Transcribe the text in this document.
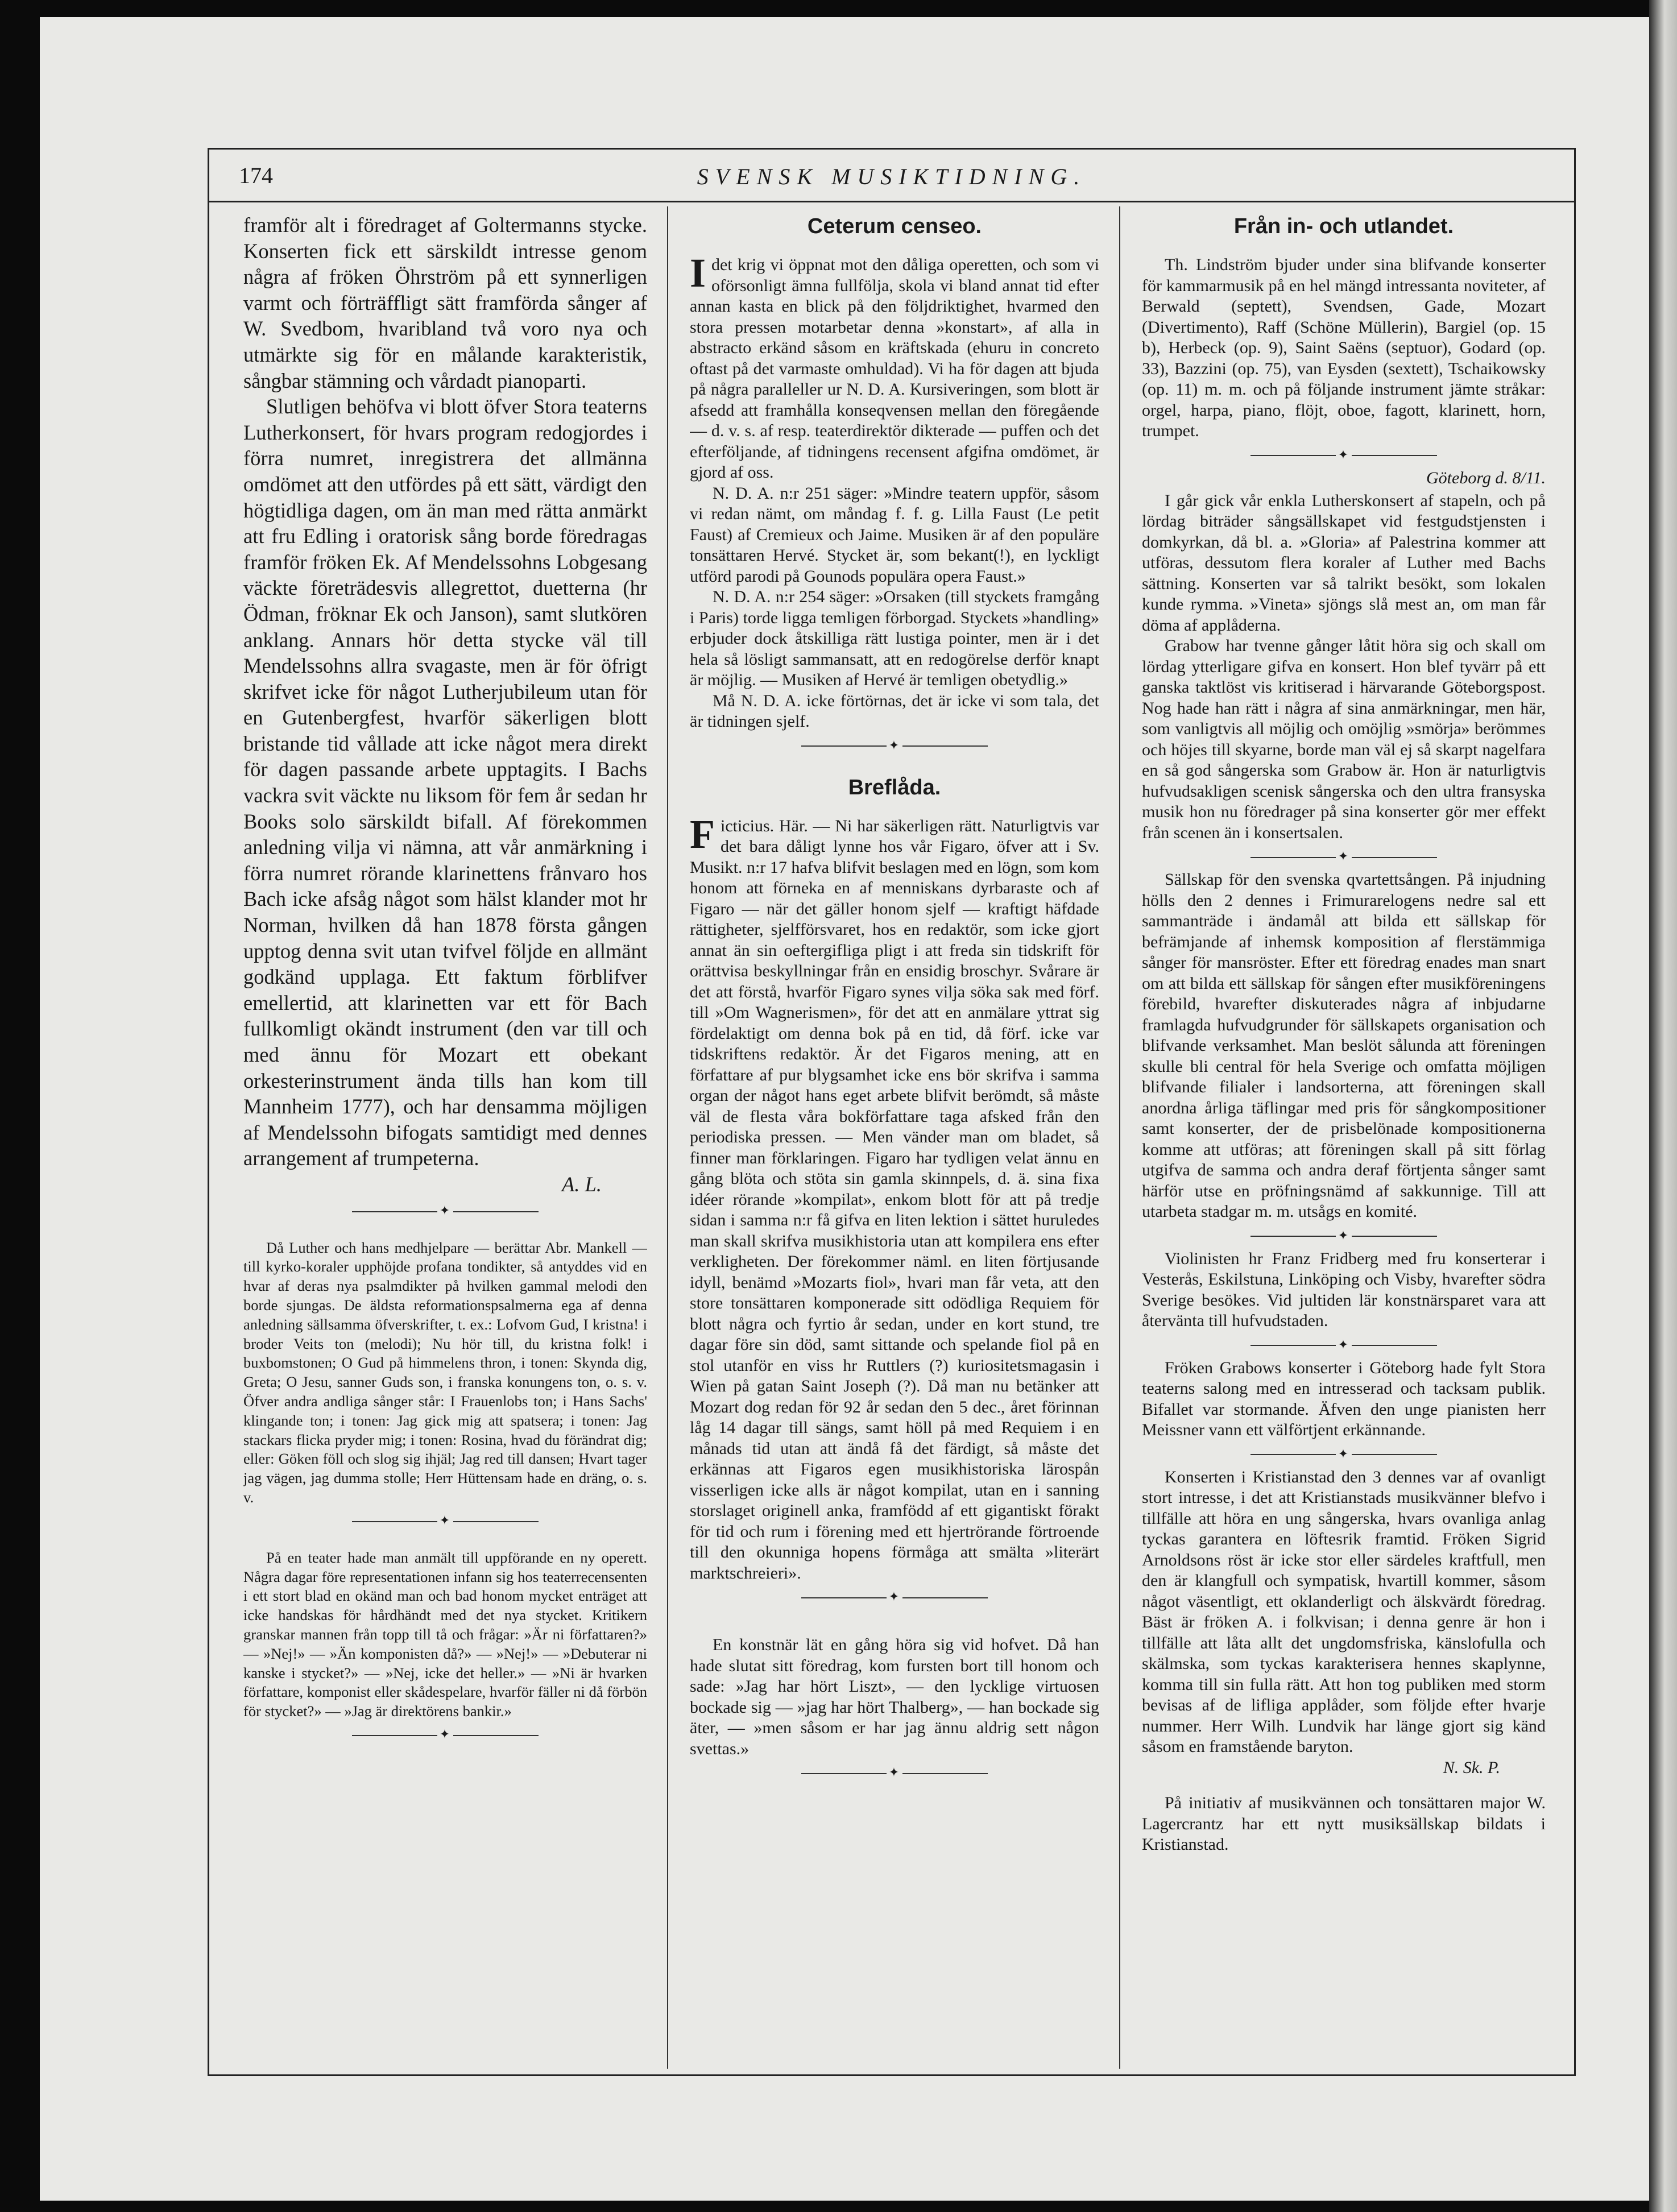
174	SVENSK MUSIKTIDNING.

framför alt i föredraget af Goltermanns stycke. Konserten fick ett särskildt intresse genom några af fröken Öhrström på ett synnerligen varmt och förträffligt sätt framförda sånger af W. Svedbom, hvaribland två voro nya och utmärkte sig för en målande karakteristik, sångbar stämning och vårdadt pianoparti.

Slutligen behöfva vi blott öfver Stora teaterns Lutherkonsert, för hvars program redogjordes i förra numret, inregistrera det allmänna omdömet att den utfördes på ett sätt, värdigt den högtidliga dagen, om än man med rätta anmärkt att fru Edling i oratorisk sång borde föredragas framför fröken Ek. Af Mendelssohns Lobgesang väckte företrädesvis allegrettot, duetterna (hr Ödman, fröknar Ek och Janson), samt slutkören anklang. Annars hör detta stycke väl till Mendelssohns allra svagaste, men är för öfrigt skrifvet icke för något Lutherjubileum utan för en Gutenbergfest, hvarför säkerligen blott bristande tid vållade att icke något mera direkt för dagen passande arbete upptagits. I Bachs vackra svit väckte nu liksom för fem år sedan hr Books solo särskildt bifall. Af förekommen anledning vilja vi nämna, att vår anmärkning i förra numret rörande klarinettens frånvaro hos Bach icke afsåg något som hälst klander mot hr Norman, hvilken då han 1878 första gången upptog denna svit utan tvifvel följde en allmänt godkänd upplaga. Ett faktum förblifver emellertid, att klarinetten var ett för Bach fullkomligt okändt instrument (den var till och med ännu för Mozart ett obekant orkesterinstrument ända tills han kom till Mannheim 1777), och har densamma möjligen af Mendelssohn bifogats samtidigt med dennes arrangement af trumpeterna.

A. L.

✦

Då Luther och hans medhjelpare — berättar Abr. Mankell — till kyrko-koraler upphöjde profana tondikter, så antyddes vid en hvar af deras nya psalmdikter på hvilken gammal melodi den borde sjungas. De äldsta reformationspsalmerna ega af denna anledning sällsamma öfverskrifter, t. ex.: Lofvom Gud, I kristna! i broder Veits ton (melodi); Nu hör till, du kristna folk! i buxbomstonen; O Gud på himmelens thron, i tonen: Skynda dig, Greta; O Jesu, sanner Guds son, i franska konungens ton, o. s. v. Öfver andra andliga sånger står: I Frauenlobs ton; i Hans Sachs' klingande ton; i tonen: Jag gick mig att spatsera; i tonen: Jag stackars flicka pryder mig; i tonen: Rosina, hvad du förändrat dig; eller: Göken föll och slog sig ihjäl; Jag red till dansen; Hvart tager jag vägen, jag dumma stolle; Herr Hüttensam hade en dräng, o. s. v.

✦

På en teater hade man anmält till uppförande en ny operett. Några dagar före representationen infann sig hos teaterrecensenten i ett stort blad en okänd man och bad honom mycket enträget att icke handskas för hårdhändt med det nya stycket. Kritikern granskar mannen från topp till tå och frågar: »Är ni författaren?» — »Nej!» — »Än komponisten då?» — »Nej!» — »Debuterar ni kanske i stycket?» — »Nej, icke det heller.» — »Ni är hvarken författare, komponist eller skådespelare, hvarför fäller ni då förbön för stycket?» — »Jag är direktörens bankir.»

✦
Ceterum censeo.

Idet krig vi öppnat mot den dåliga operetten, och som vi oförsonligt ämna fullfölja, skola vi bland annat tid efter annan kasta en blick på den följdriktighet, hvarmed den stora pressen motarbetar denna »konstart», af alla in abstracto erkänd såsom en kräftskada (ehuru in concreto oftast på det varmaste omhuldad). Vi ha för dagen att bjuda på några paralleller ur N. D. A. Kursiveringen, som blott är afsedd att framhålla konseqvensen mellan den föregående — d. v. s. af resp. teaterdirektör dikterade — puffen och det efterföljande, af tidningens recensent afgifna omdömet, är gjord af oss.

N. D. A. n:r 251 säger: »Mindre teatern uppför, såsom vi redan nämt, om måndag f. f. g. Lilla Faust (Le petit Faust) af Cremieux och Jaime. Musiken är af den populäre tonsättaren Hervé. Stycket är, som bekant(!), en lyckligt utförd parodi på Gounods populära opera Faust.»

N. D. A. n:r 254 säger: »Orsaken (till styckets framgång i Paris) torde ligga temligen förborgad. Styckets »handling» erbjuder dock åtskilliga rätt lustiga pointer, men är i det hela så lösligt sammansatt, att en redogörelse derför knapt är möjlig. — Musiken af Hervé är temligen obetydlig.»

Må N. D. A. icke förtörnas, det är icke vi som tala, det är tidningen sjelf.

✦
Breflåda.

Ficticius. Här. — Ni har säkerligen rätt. Naturligtvis var det bara dåligt lynne hos vår Figaro, öfver att i Sv. Musikt. n:r 17 hafva blifvit beslagen med en lögn, som kom honom att förneka en af menniskans dyrbaraste och af Figaro — när det gäller honom sjelf — kraftigt häfdade rättigheter, sjelfförsvaret, hos en redaktör, som icke gjort annat än sin oeftergifliga pligt i att freda sin tidskrift för orättvisa beskyllningar från en ensidig broschyr. Svårare är det att förstå, hvarför Figaro synes vilja söka sak med förf. till »Om Wagnerismen», för det att en anmälare yttrat sig fördelaktigt om denna bok på en tid, då förf. icke var tidskriftens redaktör. Är det Figaros mening, att en författare af pur blygsamhet icke ens bör skrifva i samma organ der något hans eget arbete blifvit berömdt, så måste väl de flesta våra bokförfattare taga afsked från den periodiska pressen. — Men vänder man om bladet, så finner man förklaringen. Figaro har tydligen velat ännu en gång blöta och stöta sin gamla skinnpels, d. ä. sina fixa idéer rörande »kompilat», enkom blott för att på tredje sidan i samma n:r få gifva en liten lektion i sättet huruledes man skall skrifva musikhistoria utan att kompilera ens efter verkligheten. Der förekommer näml. en liten förtjusande idyll, benämd »Mozarts fiol», hvari man får veta, att den store tonsättaren komponerade sitt odödliga Requiem för blott några och fyrtio år sedan, under en kort stund, tre dagar före sin död, samt sittande och spelande fiol på en stol utanför en viss hr Ruttlers (?) kuriositetsmagasin i Wien på gatan Saint Joseph (?). Då man nu betänker att Mozart dog redan för 92 år sedan den 5 dec., året förinnan låg 14 dagar till sängs, samt höll på med Requiem i en månads tid utan att ändå få det färdigt, så måste det erkännas att Figaros egen musikhistoriska lärospån visserligen icke alls är något kompilat, utan en i sanning storslaget originell anka, framfödd af ett gigantiskt förakt för tid och rum i förening med ett hjertrörande förtroende till den okunniga hopens förmåga att smälta »literärt marktschreieri».

✦

En konstnär lät en gång höra sig vid hofvet. Då han hade slutat sitt föredrag, kom fursten bort till honom och sade: »Jag har hört Liszt», — den lycklige virtuosen bockade sig — »jag har hört Thalberg», — han bockade sig äter, — »men såsom er har jag ännu aldrig sett någon svettas.»

✦
Från in- och utlandet.

Th. Lindström bjuder under sina blifvande konserter för kammarmusik på en hel mängd intressanta noviteter, af Berwald (septett), Svendsen, Gade, Mozart (Divertimento), Raff (Schöne Müllerin), Bargiel (op. 15 b), Herbeck (op. 9), Saint Saëns (septuor), Godard (op. 33), Bazzini (op. 75), van Eysden (sextett), Tschaikowsky (op. 11) m. m. och på följande instrument jämte stråkar: orgel, harpa, piano, flöjt, oboe, fagott, klarinett, horn, trumpet.

✦
Göteborg d. 8/11.

I går gick vår enkla Lutherskonsert af stapeln, och på lördag biträder sångsällskapet vid festgudstjensten i domkyrkan, då bl. a. »Gloria» af Palestrina kommer att utföras, dessutom flera koraler af Luther med Bachs sättning. Konserten var så talrikt besökt, som lokalen kunde rymma. »Vineta» sjöngs slå mest an, om man får döma af applåderna.

Grabow har tvenne gånger låtit höra sig och skall om lördag ytterligare gifva en konsert. Hon blef tyvärr på ett ganska taktlöst vis kritiserad i härvarande Göteborgspost. Nog hade han rätt i några af sina anmärkningar, men här, som vanligtvis all möjlig och omöjlig »smörja» berömmes och höjes till skyarne, borde man väl ej så skarpt nagelfara en så god sångerska som Grabow är. Hon är naturligtvis hufvudsakligen scenisk sångerska och den ultra fransyska musik hon nu föredrager på sina konserter gör mer effekt från scenen än i konsertsalen.

✦

Sällskap för den svenska qvartettsången. På injudning hölls den 2 dennes i Frimurarelogens nedre sal ett sammanträde i ändamål att bilda ett sällskap för befrämjande af inhemsk komposition af flerstämmiga sånger för mansröster. Efter ett föredrag enades man snart om att bilda ett sällskap för sången efter musikföreningens förebild, hvarefter diskuterades några af inbjudarne framlagda hufvudgrunder för sällskapets organisation och blifvande verksamhet. Man beslöt sålunda att föreningen skulle bli central för hela Sverige och omfatta möjligen blifvande filialer i landsorterna, att föreningen skall anordna årliga täflingar med pris för sångkompositioner samt konserter, der de prisbelönade kompositionerna komme att utföras; att föreningen skall på sitt förlag utgifva de samma och andra deraf förtjenta sånger samt härför utse en pröfningsnämd af sakkunnige. Till att utarbeta stadgar m. m. utsågs en komité.

✦

Violinisten hr Franz Fridberg med fru konserterar i Vesterås, Eskilstuna, Linköping och Visby, hvarefter södra Sverige besökes. Vid jultiden lär konstnärsparet vara att återvänta till hufvudstaden.

✦

Fröken Grabows konserter i Göteborg hade fylt Stora teaterns salong med en intresserad och tacksam publik. Bifallet var stormande. Äfven den unge pianisten herr Meissner vann ett välförtjent erkännande.

✦

Konserten i Kristianstad den 3 dennes var af ovanligt stort intresse, i det att Kristianstads musikvänner blefvo i tillfälle att höra en ung sångerska, hvars ovanliga anlag tyckas garantera en löftesrik framtid. Fröken Sigrid Arnoldsons röst är icke stor eller särdeles kraftfull, men den är klangfull och sympatisk, hvartill kommer, såsom något väsentligt, ett oklanderligt och älskvärdt föredrag. Bäst är fröken A. i folkvisan; i denna genre är hon i tillfälle att låta allt det ungdomsfriska, känslofulla och skälmska, som tyckas karakterisera hennes skaplynne, komma till sin fulla rätt. Att hon tog publiken med storm bevisas af de lifliga applåder, som följde efter hvarje nummer. Herr Wilh. Lundvik har länge gjort sig känd såsom en framstående baryton.

N. Sk. P.

På initiativ af musikvännen och tonsättaren major W. Lagercrantz har ett nytt musiksällskap bildats i Kristianstad.
